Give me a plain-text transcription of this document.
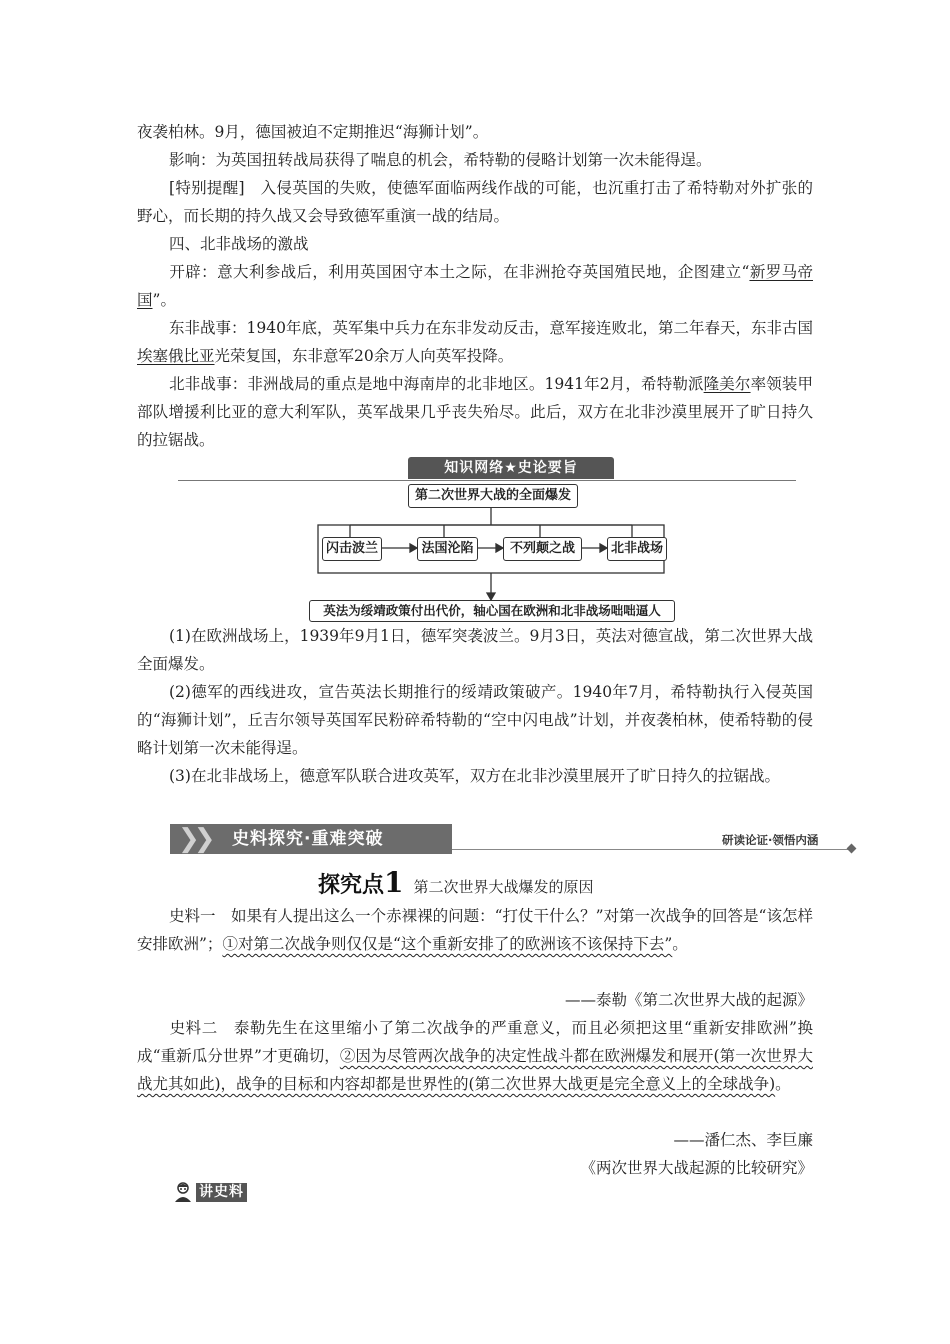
夜袭柏林。9月，德国被迫不定期推迟“海狮计划”。
影响：为英国扭转战局获得了喘息的机会，希特勒的侵略计划第一次未能得逞。
[特别提醒]　入侵英国的失败，使德军面临两线作战的可能，也沉重打击了希特勒对外扩张的野心，而长期的持久战又会导致德军重演一战的结局。
四、北非战场的激战
开辟：意大利参战后，利用英国困守本土之际，在非洲抢夺英国殖民地，企图建立“新罗马帝国”。
东非战事：1940年底，英军集中兵力在东非发动反击，意军接连败北，第二年春天，东非古国埃塞俄比亚光荣复国，东非意军20余万人向英军投降。
北非战事：非洲战局的重点是地中海南岸的北非地区。1941年2月，希特勒派隆美尔率领装甲部队增援利比亚的意大利军队，英军战果几乎丧失殆尽。此后，双方在北非沙漠里展开了旷日持久的拉锯战。
知识网络★史论要旨
第二次世界大战的全面爆发
闪击波兰	法国沦陷	不列颠之战	北非战场
英法为绥靖政策付出代价，轴心国在欧洲和北非战场咄咄逼人
(1)在欧洲战场上，1939年9月1日，德军突袭波兰。9月3日，英法对德宣战，第二次世界大战全面爆发。
(2)德军的西线进攻，宣告英法长期推行的绥靖政策破产。1940年7月，希特勒执行入侵英国的“海狮计划”，丘吉尔领导英国军民粉碎希特勒的“空中闪电战”计划，并夜袭柏林，使希特勒的侵略计划第一次未能得逞。
(3)在北非战场上，德意军队联合进攻英军，双方在北非沙漠里展开了旷日持久的拉锯战。
❯❯ 史料探究·重难突破	研读论证·领悟内涵
探究点1 第二次世界大战爆发的原因
史料一　如果有人提出这么一个赤裸裸的问题：“打仗干什么？”对第一次战争的回答是“该怎样安排欧洲”；①对第二次战争则仅仅是“这个重新安排了的欧洲该不该保持下去”。
——泰勒《第二次世界大战的起源》
史料二　泰勒先生在这里缩小了第二次战争的严重意义，而且必须把这里“重新安排欧洲”换成“重新瓜分世界”才更确切，②因为尽管两次战争的决定性战斗都在欧洲爆发和展开(第一次世界大战尤其如此)，战争的目标和内容却都是世界性的(第二次世界大战更是完全意义上的全球战争)。
——潘仁杰、李巨廉
《两次世界大战起源的比较研究》
讲史料
